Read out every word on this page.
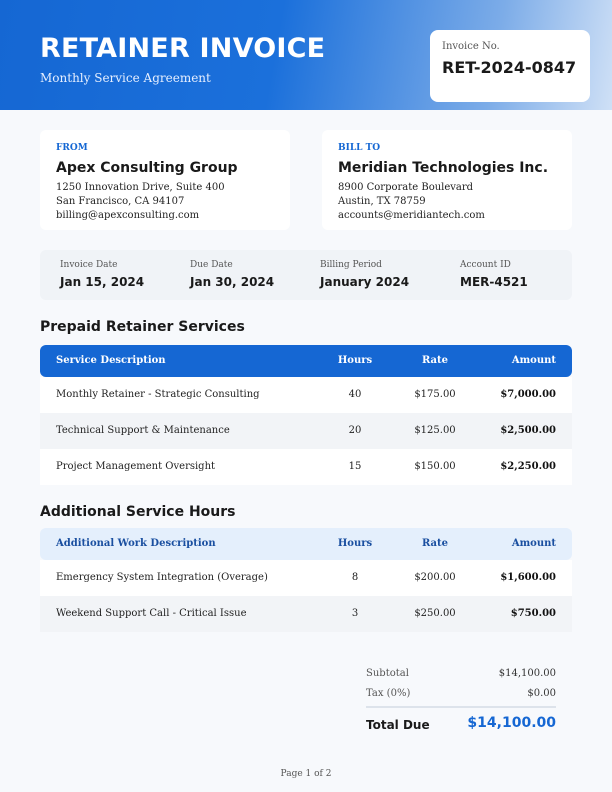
RETAINER INVOICE
Monthly Service Agreement
Invoice No.
RET-2024-0847
FROM
Apex Consulting Group
1250 Innovation Drive, Suite 400
San Francisco, CA 94107
billing@apexconsulting.com
BILL TO
Meridian Technologies Inc.
8900 Corporate Boulevard
Austin, TX 78759
accounts@meridiantech.com
Invoice Date
Jan 15, 2024
Due Date
Jan 30, 2024
Billing Period
January 2024
Account ID
MER-4521
Prepaid Retainer Services
Service Description	Hours	Rate	Amount
Monthly Retainer - Strategic Consulting	40	$175.00	$7,000.00
Technical Support & Maintenance	20	$125.00	$2,500.00
Project Management Oversight	15	$150.00	$2,250.00
Additional Service Hours
Additional Work Description	Hours	Rate	Amount
Emergency System Integration (Overage)	8	$200.00	$1,600.00
Weekend Support Call - Critical Issue	3	$250.00	$750.00
Subtotal	$14,100.00
Tax (0%)	$0.00
Total Due	$14,100.00
Page 1 of 2
